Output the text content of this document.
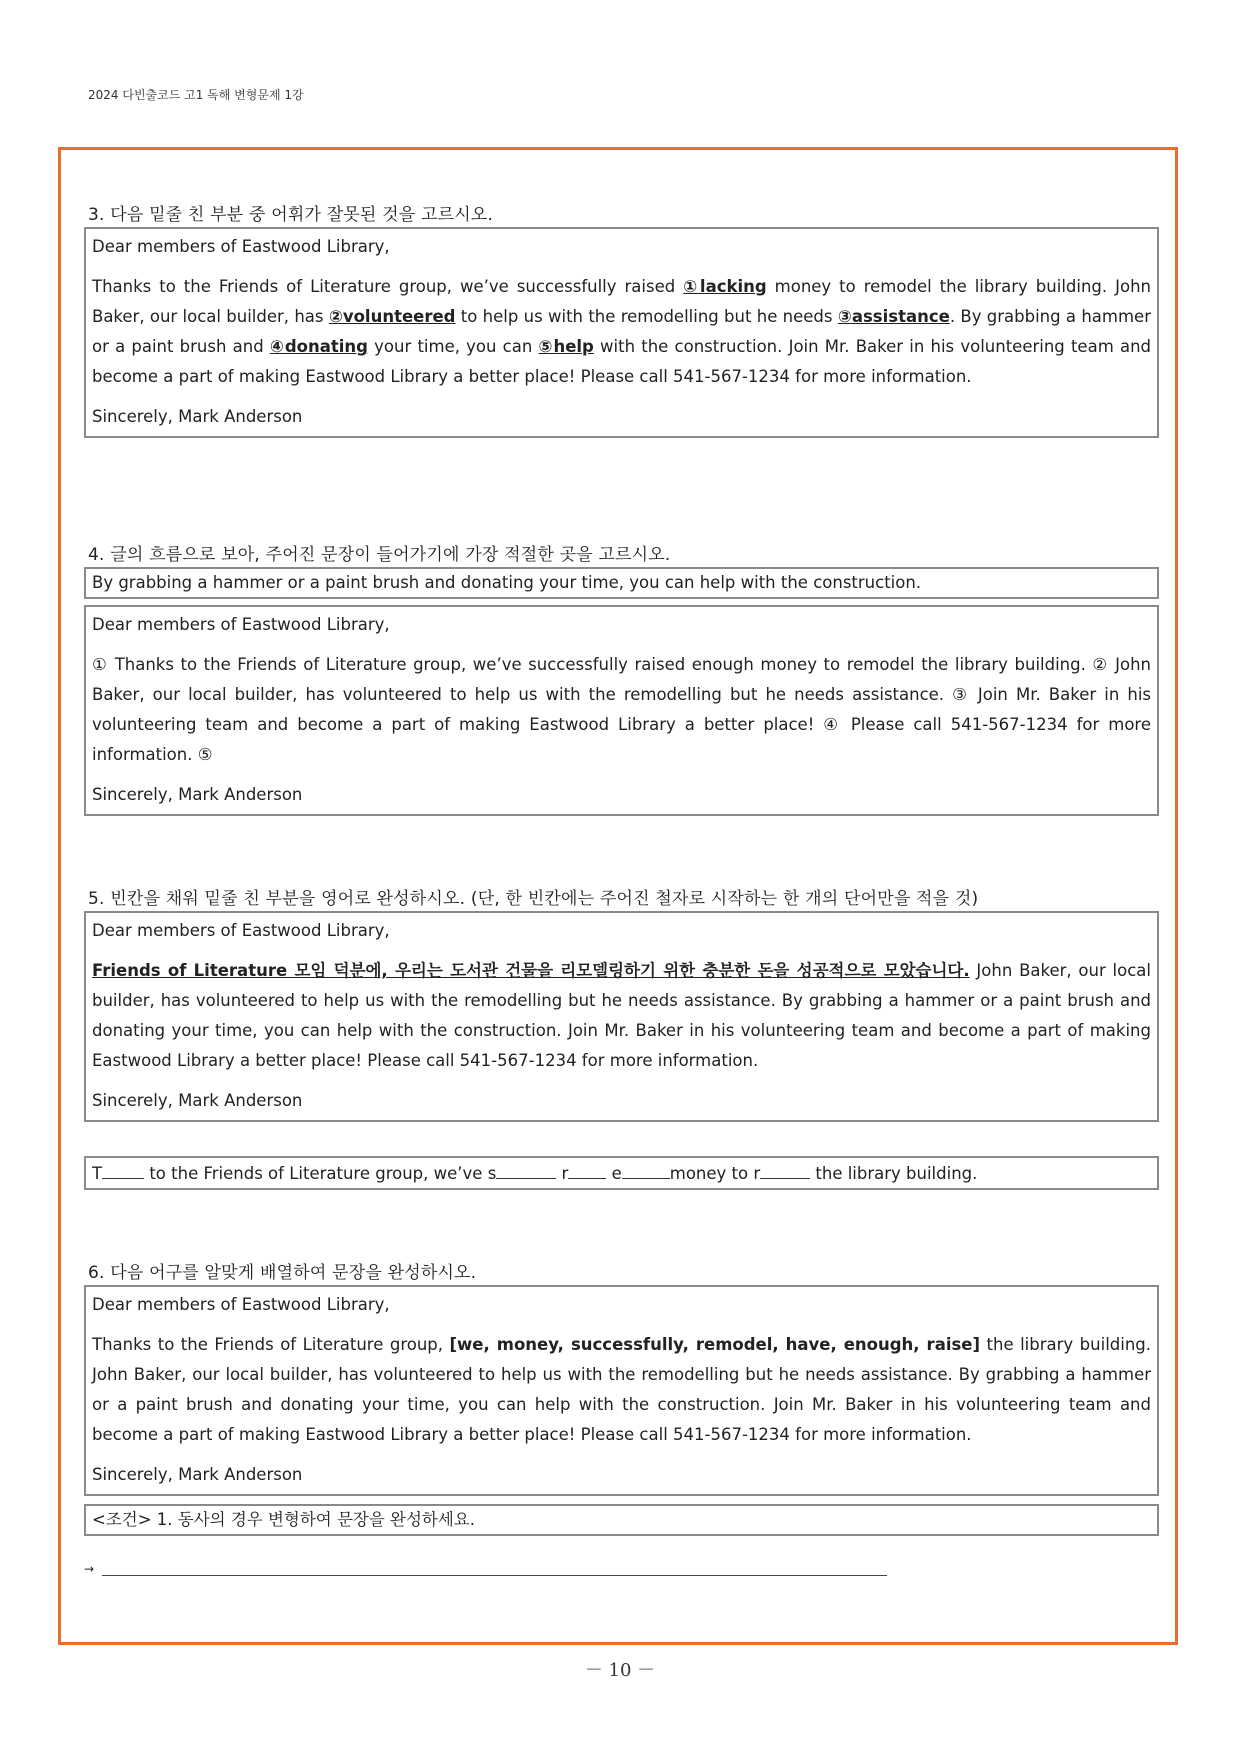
2024 다빈출코드 고1 독해 변형문제 1강
3. 다음 밑줄 친 부분 중 어휘가 잘못된 것을 고르시오.

Dear members of Eastwood Library,

Thanks to the Friends of Literature group, we’ve successfully raised ①lacking money to remodel the library building. John Baker, our local builder, has ②volunteered to help us with the remodelling but he needs ③assistance. By grabbing a hammer or a paint brush and ④donating your time, you can ⑤help with the construction. Join Mr. Baker in his volunteering team and become a part of making Eastwood Library a better place! Please call 541-567-1234 for more information.

Sincerely, Mark Anderson

4. 글의 흐름으로 보아, 주어진 문장이 들어가기에 가장 적절한 곳을 고르시오.
By grabbing a hammer or a paint brush and donating your time, you can help with the construction.

Dear members of Eastwood Library,

① Thanks to the Friends of Literature group, we’ve successfully raised enough money to remodel the library building. ② John Baker, our local builder, has volunteered to help us with the remodelling but he needs assistance. ③ Join Mr. Baker in his volunteering team and become a part of making Eastwood Library a better place! ④ Please call 541-567-1234 for more information. ⑤

Sincerely, Mark Anderson

5. 빈칸을 채워 밑줄 친 부분을 영어로 완성하시오. (단, 한 빈칸에는 주어진 철자로 시작하는 한 개의 단어만을 적을 것)

Dear members of Eastwood Library,

Friends of Literature 모임 덕분에, 우리는 도서관 건물을 리모델링하기 위한 충분한 돈을 성공적으로 모았습니다. John Baker, our local builder, has volunteered to help us with the remodelling but he needs assistance. By grabbing a hammer or a paint brush and donating your time, you can help with the construction. Join Mr. Baker in his volunteering team and become a part of making Eastwood Library a better place! Please call 541-567-1234 for more information.

Sincerely, Mark Anderson

T	to the Friends of Literature group, we’ve s	r e	money to r	the library building.
6. 다음 어구를 알맞게 배열하여 문장을 완성하시오.

Dear members of Eastwood Library,

Thanks to the Friends of Literature group, [we, money, successfully, remodel, have, enough, raise] the library building. John Baker, our local builder, has volunteered to help us with the remodelling but he needs assistance. By grabbing a hammer or a paint brush and donating your time, you can help with the construction. Join Mr. Baker in his volunteering team and become a part of making Eastwood Library a better place! Please call 541-567-1234 for more information.

Sincerely, Mark Anderson

<조건> 1. 동사의 경우 변형하여 문장을 완성하세요.
→
－ 10 －
